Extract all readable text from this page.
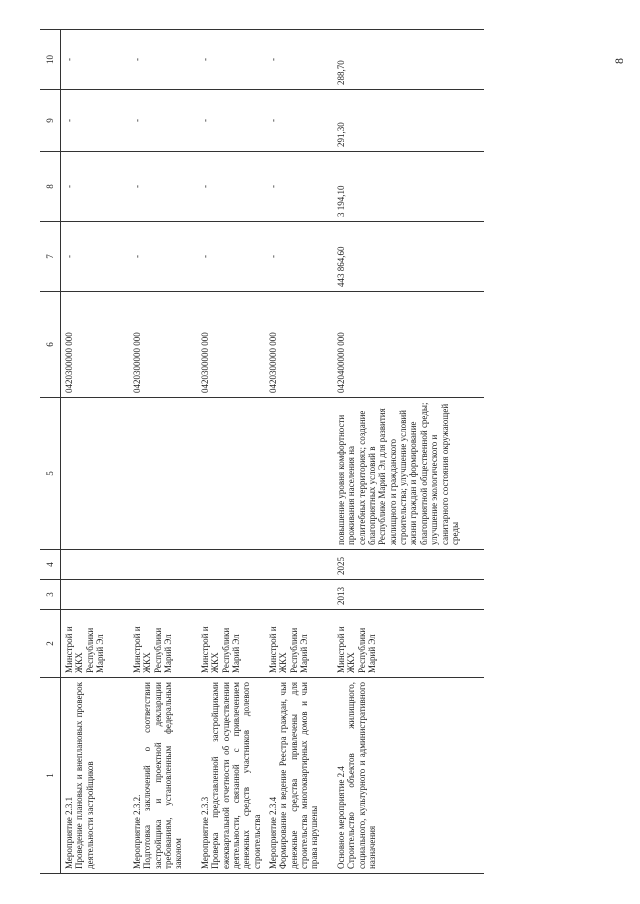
8
1	2	3	4	5	6	7	8	9	10

Мероприятие 2.3.1 Проведение плановых и внеплановых проверок деятельности застройщиков	Минстрой и ЖКХ Республики Марий Эл				0420300000 000	-	-	-	-

Мероприятие 2.3.2. Подготовка заключений о соответствии застройщика и проектной декларации требованиям, установленным федеральным законом	Минстрой и ЖКХ Республики Марий Эл				0420300000 000	-	-	-	-

Мероприятие 2.3.3 Проверка представленной застройщиками ежеквартальной отчетности об осуществлении деятельности, связанной с привлечением денежных средств участников долевого строительства	Минстрой и ЖКХ Республики Марий Эл				0420300000 000	-	-	-	-

Мероприятие 2.3.4 Формирование и ведение Реестра граждан, чьи денежные средства привлечены для строительства многоквартирных домов и чьи права нарушены	Минстрой и ЖКХ Республики Марий Эл				0420300000 000	-	-	-	-

Основное мероприятие 2.4 Строительство объектов жилищного, социального, культурного и административного назначения	Минстрой и ЖКХ Республики Марий Эл	2013	2025	повышение уровня комфортности проживания населения на селитебных территориях; создание благоприятных условий в Республике Марий Эл для развития жилищного и гражданского строительства; улучшение условий жизни граждан и формирование благоприятной общественной среды; улучшение экологического и санитарного состояния окружающей среды	0420400000 000	443 864,60	3 194,10	291,30	288,70
